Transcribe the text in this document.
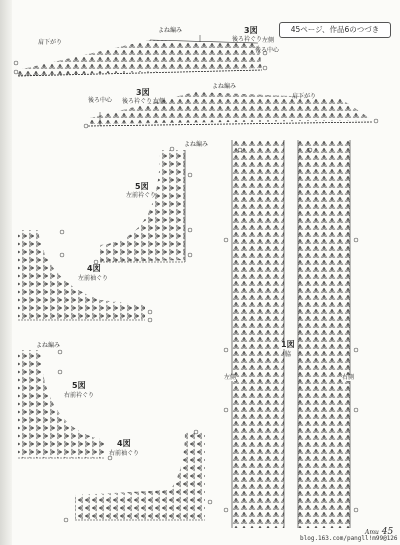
45ページ、作品6のつづき
よね編み	3図
後ろ衿ぐり 左側
肩下がり
後ろ中心
後ろ中心
3図
後ろ衿ぐり 右側
よね編み
肩下がり
よね編み
5図
左前衿ぐり
4図
左前袖ぐり
よね編み
5図
右前衿ぐり
4図
右前袖ぐり
1図
脇
左側	右側
Amu 45
blog.163.com/pangll!m99@126
